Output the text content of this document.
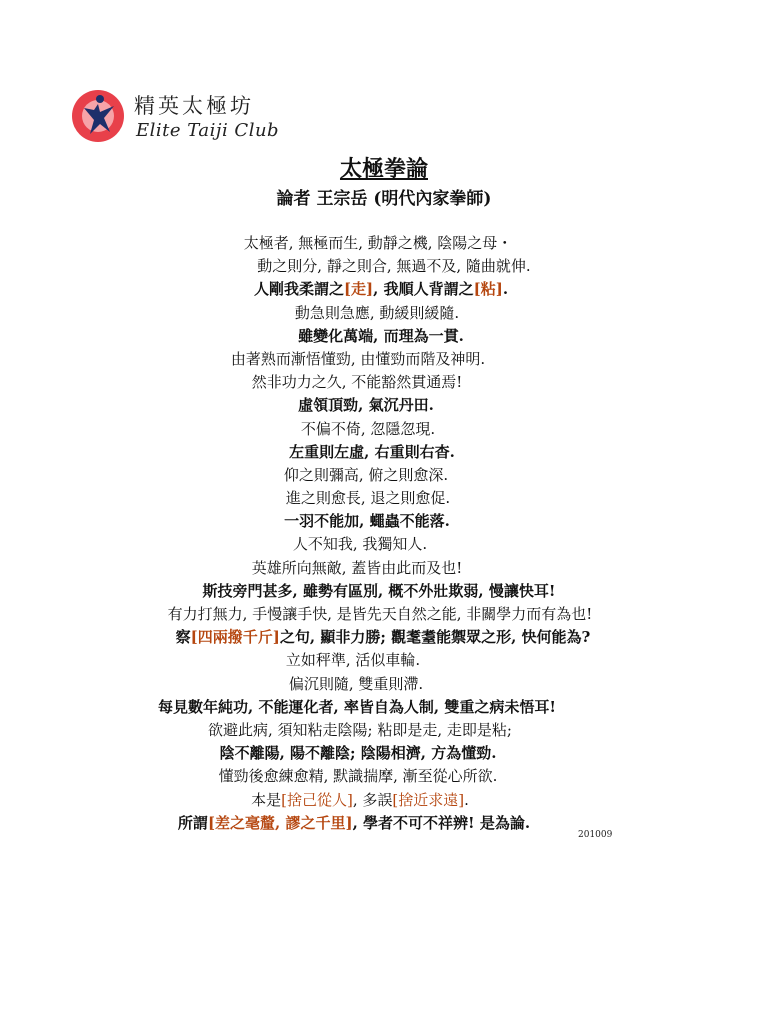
精英太極坊
Elite Taiji Club
太極拳論
論者 王宗岳 (明代內家拳師)
太極者, 無極而生, 動靜之機, 陰陽之母・
動之則分, 靜之則合, 無過不及, 隨曲就伸.
人剛我柔謂之[走], 我順人背謂之[粘].
動急則急應, 動緩則緩隨.
雖變化萬端, 而理為一貫.
由著熟而漸悟懂勁, 由懂勁而階及神明.
然非功力之久, 不能豁然貫通焉!
虛領頂勁, 氣沉丹田.
不偏不倚, 忽隱忽現.
左重則左虛, 右重則右杳.
仰之則彌高, 俯之則愈深.
進之則愈長, 退之則愈促.
一羽不能加, 蠅蟲不能落.
人不知我, 我獨知人.
英雄所向無敵, 蓋皆由此而及也!
斯技旁門甚多, 雖勢有區別, 概不外壯欺弱, 慢讓快耳!
有力打無力, 手慢讓手快, 是皆先天自然之能, 非關學力而有為也!
察[四兩撥千斤]之句, 顯非力勝; 觀耄耋能禦眾之形, 快何能為?
立如秤準, 活似車輪.
偏沉則隨, 雙重則滯.
每見數年純功, 不能運化者, 率皆自為人制, 雙重之病未悟耳!
欲避此病, 須知粘走陰陽; 粘即是走, 走即是粘;
陰不離陽, 陽不離陰; 陰陽相濟, 方為懂勁.
懂勁後愈練愈精, 默識揣摩, 漸至從心所欲.
本是[捨己從人], 多誤[捨近求遠].
所謂[差之毫釐, 謬之千里], 學者不可不祥辨! 是為論.
201009
